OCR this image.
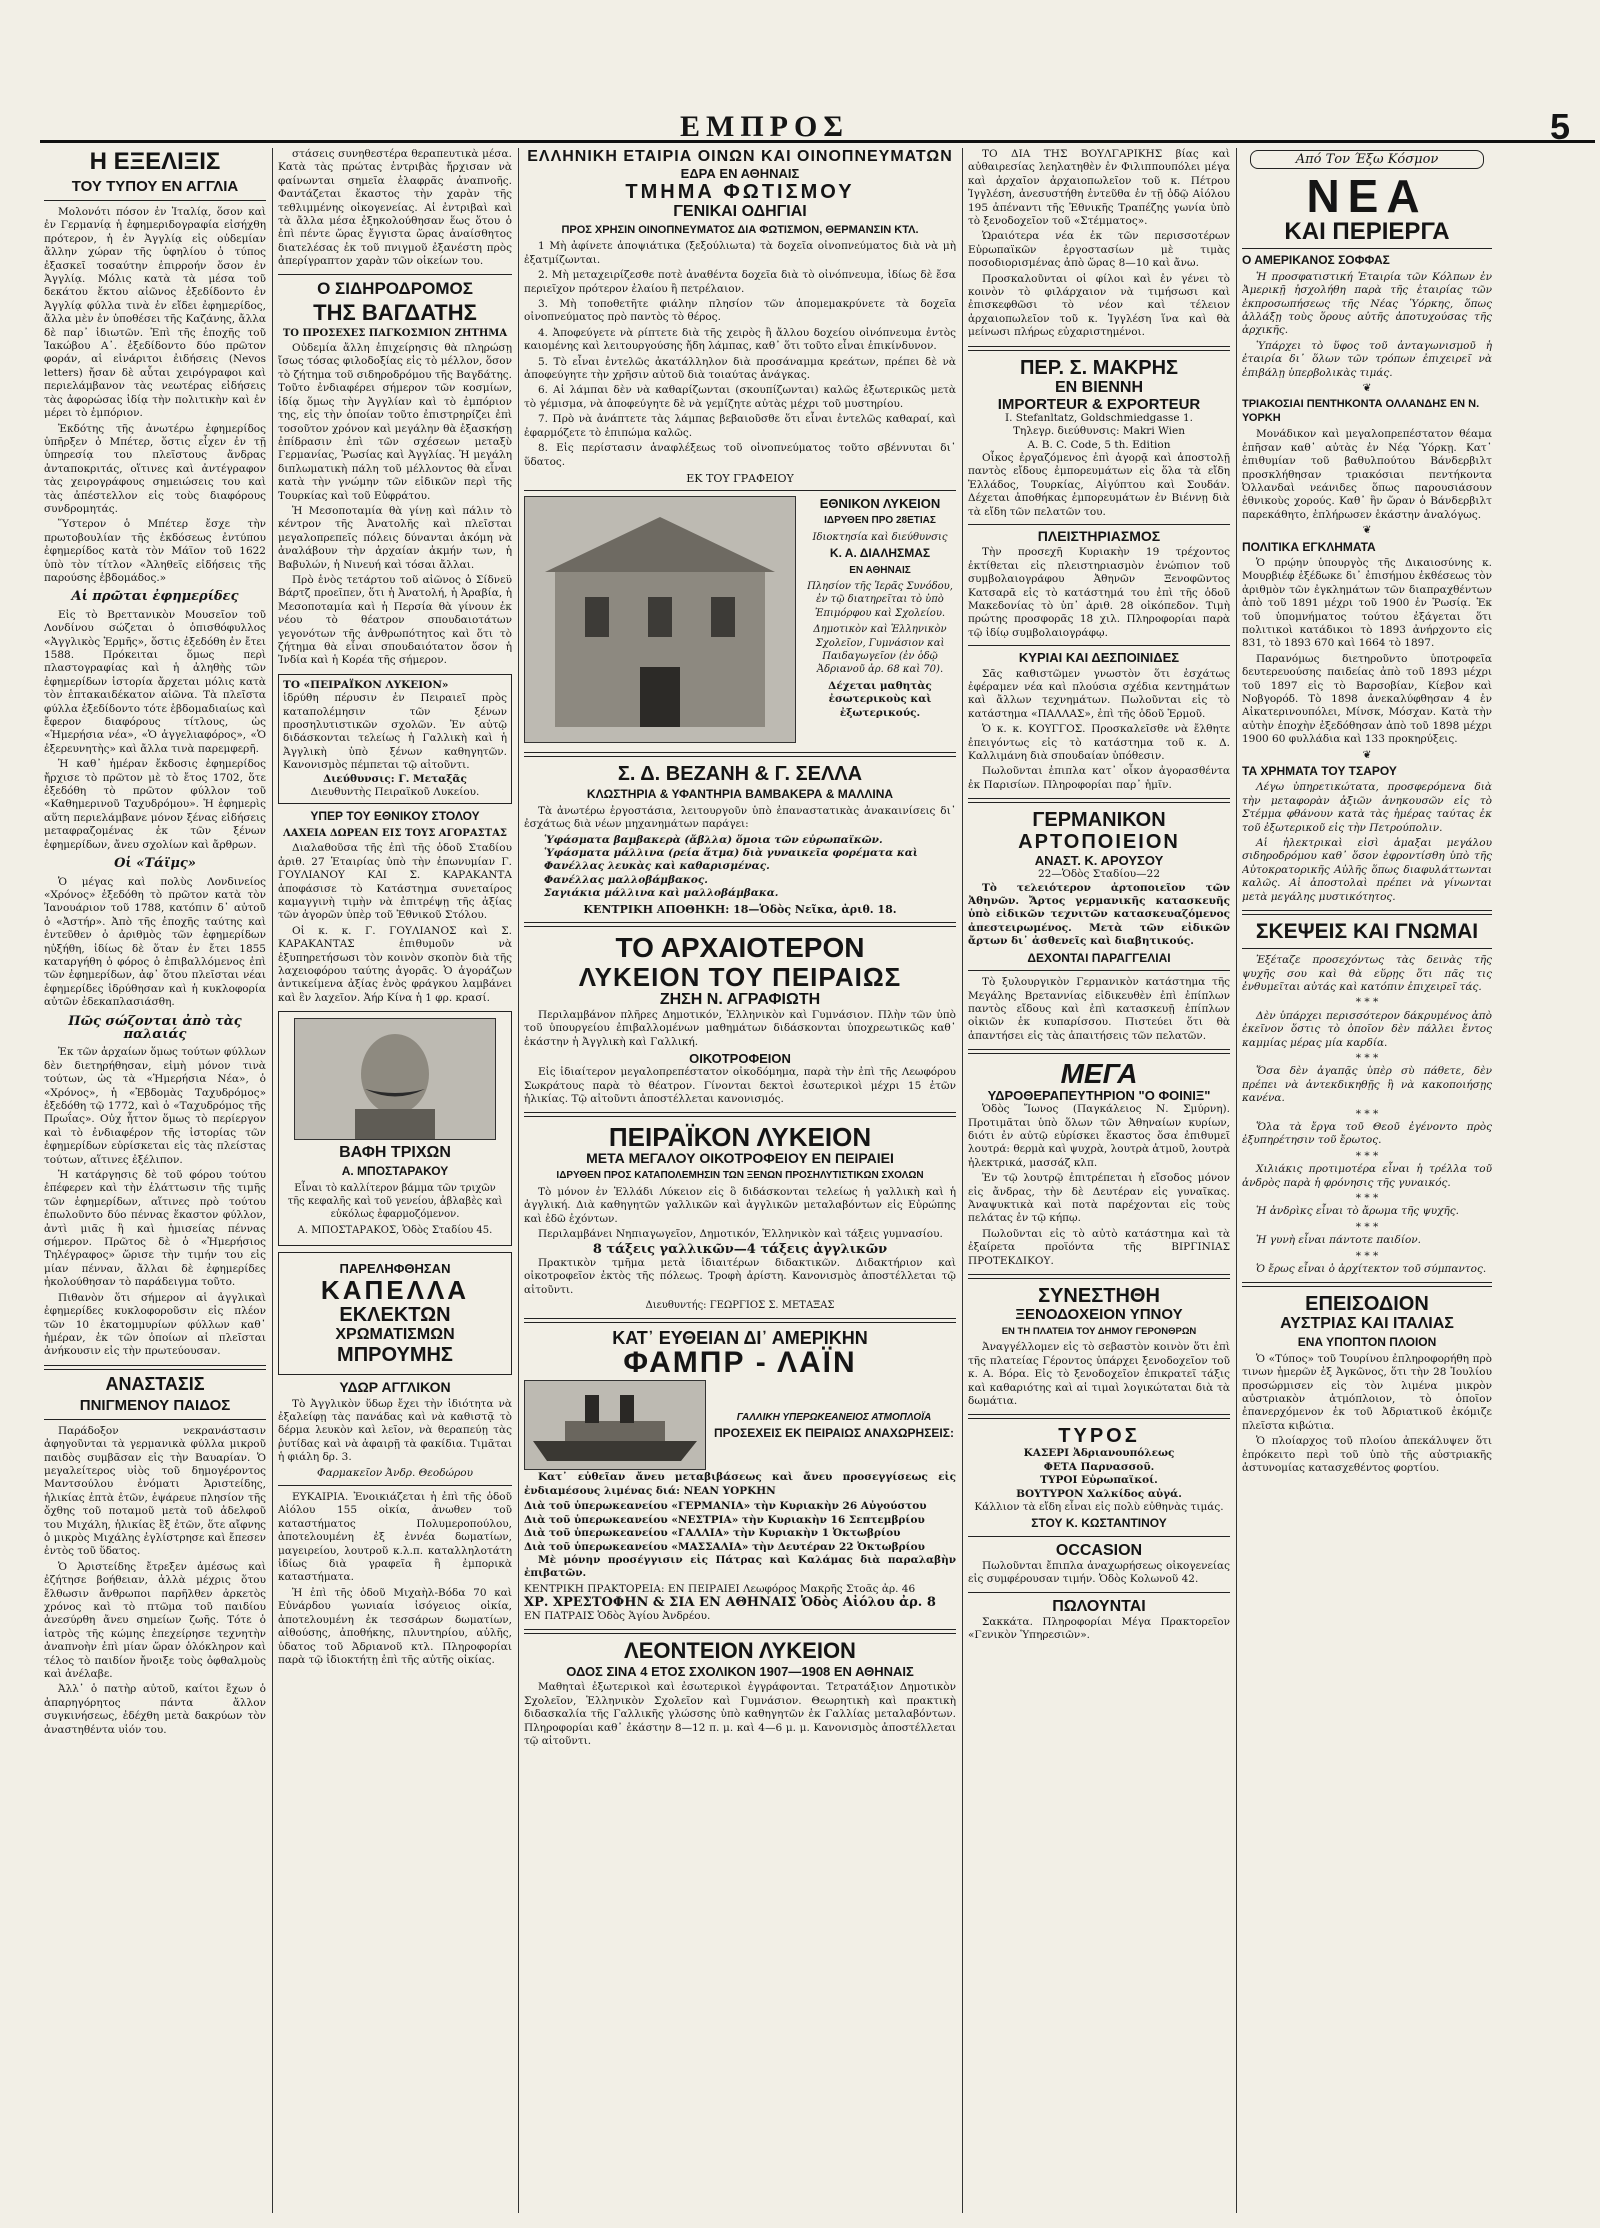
ΕΜΠΡΟΣ	5
Η ΕΞΕΛΙΞΙΣ
ΤΟΥ ΤΥΠΟΥ ΕΝ ΑΓΓΛΙΑ

Μολονότι πόσον ἐν Ἰταλίᾳ, ὅσον καὶ ἐν Γερμανίᾳ ἡ ἐφημεριδογραφία εἰσήχθη πρότερον, ἡ ἐν Ἀγγλίᾳ εἰς οὐδεμίαν ἄλλην χώραν τῆς ὑφηλίου ὁ τύπος ἐξασκεῖ τοσαύτην ἐπιρροήν ὅσον ἐν Ἀγγλίᾳ. Μόλις κατὰ τὰ μέσα τοῦ δεκάτου ἕκτου αἰῶνος ἐξεδίδοντο ἐν Ἀγγλίᾳ φύλλα τινὰ ἐν εἴδει ἐφημερίδος, ἄλλα μὲν ἐν ὑποθέσει τῆς Καζάνης, ἄλλα δὲ παρ᾽ ἰδιωτῶν. Ἐπὶ τῆς ἐποχῆς τοῦ Ἰακώβου Α᾽. ἐξεδίδοντο δύο πρῶτον φοράν, αἱ εἰνάριτοι ἐιδήσεις (Nevos letters) ἤσαν δὲ αὗται χειρόγραφοι καὶ περιελάμβανον τὰς νεωτέρας εἰδήσεις τὰς ἀφορώσας ἰδίᾳ τὴν πολιτικὴν καὶ ἐν μέρει τὸ ἐμπόριον.

Ἐκδότης τῆς ἀνωτέρω ἐφημερίδος ὑπῆρξεν ὁ Μπέτερ, ὅστις εἶχεν ἐν τῇ ὑπηρεσίᾳ του πλεῖστους ἄνδρας ἀνταποκριτάς, οἵτινες καὶ ἀντέγραφον τὰς χειρογράφους σημειώσεις του καὶ τὰς ἀπέστελλον εἰς τοὺς διαφόρους συνδρομητάς.

Ὕστερον ὁ Μπέτερ ἔσχε τὴν πρωτοβουλίαν τῆς ἐκδόσεως ἐντύπου ἐφημερίδος κατὰ τὸν Μάϊον τοῦ 1622 ὑπὸ τὸν τίτλον «Ἀληθεῖς εἰδήσεις τῆς παρούσης ἑβδομάδος.»

Αἱ πρῶται ἐφημερίδες

Εἰς τὸ Βρεττανικὸν Μουσεῖον τοῦ Λονδίνου σώζεται ὁ ὁπισθόφυλλος «Ἀγγλικὸς Ἑρμῆς», ὅστις ἐξεδόθη ἐν ἔτει 1588. Πρόκειται ὅμως περὶ πλαστογραφίας καὶ ἡ ἀληθὴς τῶν ἐφημερίδων ἱστορία ἄρχεται μόλις κατὰ τὸν ἑπτακαιδέκατον αἰῶνα. Τὰ πλεῖστα φύλλα ἐξεδίδοντο τότε ἑβδομαδιαίως καὶ ἔφερον διαφόρους τίτλους, ὡς «Ἡμερήσια νέα», «Ὁ ἀγγελιαφόρος», «Ὁ ἐξερευνητὴς» καὶ ἄλλα τινὰ παρεμφερῆ.

Ἡ καθ᾽ ἡμέραν ἔκδοσις ἐφημερίδος ἤρχισε τὸ πρῶτον μὲ τὸ ἔτος 1702, ὅτε ἐξεδόθη τὸ πρῶτον φύλλον τοῦ «Καθημερινοῦ Ταχυδρόμου». Ἡ ἐφημερὶς αὕτη περιελάμβανε μόνον ξένας εἰδήσεις μεταφραζομένας ἐκ τῶν ξένων ἐφημερίδων, ἄνευ σχολίων καὶ ἄρθρων.

Οἱ «Τάϊμς»

Ὁ μέγας καὶ πολὺς Λονδινείος «Χρόνος» ἐξεδόθη τὸ πρῶτον κατὰ τὸν Ἰανουάριον τοῦ 1788, κατόπιν δ᾽ αὐτοῦ ὁ «Ἀστήρ». Ἀπὸ τῆς ἐποχῆς ταύτης καὶ ἐντεῦθεν ὁ ἀριθμὸς τῶν ἐφημερίδων ηὐξήθη, ἰδίως δὲ ὅταν ἐν ἔτει 1855 καταργήθη ὁ φόρος ὁ ἐπιβαλλόμενος ἐπὶ τῶν ἐφημερίδων, ἀφ᾽ ὅτου πλεῖσται νέαι ἐφημερίδες ἱδρύθησαν καὶ ἡ κυκλοφορία αὐτῶν ἐδεκαπλασιάσθη.

Πῶς σώζονται ἀπὸ τὰς παλαιάς

Ἐκ τῶν ἀρχαίων ὅμως τούτων φύλλων δὲν διετηρήθησαν, εἰμὴ μόνον τινὰ τούτων, ὡς τὰ «Ἡμερήσια Νέα», ὁ «Χρόνος», ἡ «Ἐβδομὰς Ταχυδρόμος» ἐξεδόθη τῷ 1772, καὶ ὁ «Ταχυδρόμος τῆς Πρωΐας». Οὐχ ἦττον ὅμως τὸ περίεργον καὶ τὸ ἐνδιαφέρον τῆς ἱστορίας τῶν ἐφημερίδων εὑρίσκεται εἰς τὰς πλείστας τούτων, αἵτινες ἐξέλιπον.

Ἡ κατάργησις δὲ τοῦ φόρου τούτου ἐπέφερεν καὶ τὴν ἐλάττωσιν τῆς τιμῆς τῶν ἐφημερίδων, αἵτινες πρὸ τούτου ἐπωλοῦντο δύο πέννας ἕκαστον φύλλον, ἀντὶ μιᾶς ἢ καὶ ἡμισείας πέννας σήμερον. Πρῶτος δὲ ὁ «Ἡμερήσιος Τηλέγραφος» ὥρισε τὴν τιμήν του εἰς μίαν πένναν, ἄλλαι δὲ ἐφημερίδες ἠκολούθησαν τὸ παράδειγμα τοῦτο.

Πιθανὸν ὅτι σήμερον αἱ ἀγγλικαὶ ἐφημερίδες κυκλοφοροῦσιν εἰς πλέον τῶν 10 ἑκατομμυρίων φύλλων καθ᾽ ἡμέραν, ἐκ τῶν ὁποίων αἱ πλεῖσται ἀνήκουσιν εἰς τὴν πρωτεύουσαν.

ΑΝΑΣΤΑΣΙΣ
ΠΝΙΓΜΕΝΟΥ ΠΑΙΔΟΣ

Παράδοξον νεκρανάστασιν ἀφηγοῦνται τὰ γερμανικὰ φύλλα μικροῦ παιδὸς συμβᾶσαν εἰς τὴν Βαυαρίαν. Ὁ μεγαλείτερος υἱὸς τοῦ δημογέροντος Μαντσούλου ἐνόματι Ἀριστείδης, ἡλικίας ἐπτὰ ἐτῶν, ἐψάρευε πλησίον τῆς ὄχθης τοῦ ποταμοῦ μετὰ τοῦ ἀδελφοῦ του Μιχάλη, ἡλικίας ἓξ ἐτῶν, ὅτε αἴφνης ὁ μικρὸς Μιχάλης ἐγλίστρησε καὶ ἔπεσεν ἐντὸς τοῦ ὕδατος.

Ὁ Ἀριστείδης ἔτρεξεν ἀμέσως καὶ ἐζήτησε βοήθειαν, ἀλλὰ μέχρις ὅτου ἔλθωσιν ἄνθρωποι παρῆλθεν ἀρκετὸς χρόνος καὶ τὸ πτῶμα τοῦ παιδίου ἀνεσύρθη ἄνευ σημείων ζωῆς. Τότε ὁ ἰατρὸς τῆς κώμης ἐπεχείρησε τεχνητὴν ἀναπνοὴν ἐπὶ μίαν ὥραν ὁλόκληρον καὶ τέλος τὸ παιδίον ἤνοιξε τοὺς ὀφθαλμοὺς καὶ ἀνέλαβε.

Ἀλλ᾽ ὁ πατὴρ αὐτοῦ, καίτοι ἔχων ὁ ἀπαρηγόρητος πάντα ἄλλον συγκινήσεως, ἐδέχθη μετὰ δακρύων τὸν ἀναστηθέντα υἱόν του.

στάσεις συνηθεστέρα θεραπευτικὰ μέσα. Κατὰ τὰς πρώτας ἐντριβὰς ἤρχισαν νὰ φαίνωνται σημεῖα ἐλαφρᾶς ἀναπνοῆς. Φαντάζεται ἕκαστος τὴν χαρὰν τῆς τεθλιμμένης οἰκογενείας. Αἱ ἐντριβαὶ καὶ τὰ ἄλλα μέσα ἐξηκολούθησαν ἕως ὅτου ὁ ἐπὶ πέντε ὥρας ἔγγιστα ὥρας ἀναίσθητος διατελέσας ἐκ τοῦ πνιγμοῦ ἐξανέστη πρὸς ἀπερίγραπτον χαρὰν τῶν οἰκείων του.

Ο ΣΙΔΗΡΟΔΡΟΜΟΣ
ΤΗΣ ΒΑΓΔΑΤΗΣ
ΤΟ ΠΡΟΣΕΧΕΣ ΠΑΓΚΟΣΜΙΟΝ ΖΗΤΗΜΑ

Οὐδεμία ἄλλη ἐπιχείρησις θὰ πληρώσῃ ἴσως τόσας φιλοδοξίας εἰς τὸ μέλλον, ὅσον τὸ ζήτημα τοῦ σιδηροδρόμου τῆς Βαγδάτης. Τοῦτο ἐνδιαφέρει σήμερον τῶν κοσμίων, ἰδίᾳ ὅμως τὴν Ἀγγλίαν καὶ τὸ ἐμπόριον της, εἰς τὴν ὁποίαν τοῦτο ἐπιστρηρίζει ἐπὶ τοσοῦτον χρόνον καὶ μεγάλην θὰ ἐξασκήσῃ ἐπίδρασιν ἐπὶ τῶν σχέσεων μεταξὺ Γερμανίας, Ῥωσίας καὶ Ἀγγλίας. Ἡ μεγάλη διπλωματικὴ πάλη τοῦ μέλλοντος θὰ εἶναι κατὰ τὴν γνώμην τῶν εἰδικῶν περὶ τῆς Τουρκίας καὶ τοῦ Εὐφράτου.

Ἡ Μεσοποταμία θὰ γίνῃ καὶ πάλιν τὸ κέντρον τῆς Ἀνατολῆς καὶ πλεῖσται μεγαλοπρεπεῖς πόλεις δύνανται ἀκόμη νὰ ἀναλάβουν τὴν ἀρχαίαν ἀκμήν των, ἡ Βαβυλών, ἡ Νινευή καὶ τόσαι ἄλλαι.

Πρὸ ἑνὸς τετάρτου τοῦ αἰῶνος ὁ Σίδνεϋ Βάρτζ προεῖπεν, ὅτι ἡ Ἀνατολή, ἡ Ἀραβία, ἡ Μεσοποταμία καὶ ἡ Περσία θὰ γίνουν ἐκ νέου τὸ θέατρον σπουδαιοτάτων γεγονότων τῆς ἀνθρωπότητος καὶ ὅτι τὸ ζήτημα θὰ εἶναι σπουδαιότατον ὅσον ἡ Ἰνδία καὶ ἡ Κορέα τῆς σήμερον.

ΤΟ «ΠΕΙΡΑΪΚΟΝ ΛΥΚΕΙΟΝ»
ἱδρύθη πέρυσιν ἐν Πειραιεῖ πρὸς καταπολέμησιν τῶν ξένων προσηλυτιστικῶν σχολῶν. Ἐν αὐτῷ διδάσκονται τελείως ἡ Γαλλικὴ καὶ ἡ Ἀγγλικὴ ὑπὸ ξένων καθηγητῶν. Κανονισμὸς πέμπεται τῷ αἰτοῦντι.
Διεύθυνσις: Γ. Μεταξᾶς
Διευθυντὴς Πειραϊκοῦ Λυκείου.
ΥΠΕΡ ΤΟΥ ΕΘΝΙΚΟΥ ΣΤΟΛΟΥ
ΛΑΧΕΙΑ ΔΩΡΕΑΝ ΕΙΣ ΤΟΥΣ ΑΓΟΡΑΣΤΑΣ

Διαλαθοῦσα τῆς ἐπὶ τῆς ὁδοῦ Σταδίου ἀριθ. 27 Ἑταιρίας ὑπὸ τὴν ἐπωνυμίαν Γ. ΓΟΥΛΙΑΝΟΥ ΚΑΙ Σ. ΚΑΡΑΚΑΝΤΑ ἀποφάσισε τὸ Κατάστημα συνεταίρος καμαγγινὴ τιμὴν νὰ ἐπιτρέψῃ τῆς ἀξίας τῶν ἀγορῶν ὑπὲρ τοῦ Ἐθνικοῦ Στόλου.

Οἱ κ. κ. Γ. ΓΟΥΛΙΑΝΟΣ καὶ Σ. ΚΑΡΑΚΑΝΤΑΣ ἐπιθυμοῦν νὰ ἐξυπηρετήσωσι τὸν κοινὸν σκοπὸν διὰ τῆς λαχειοφόρου ταύτης ἀγορᾶς. Ὁ ἀγοράζων ἀντικείμενα ἀξίας ἑνὸς φράγκου λαμβάνει καὶ ἓν λαχεῖον. Ἀήρ Κίνα ἡ 1 φρ. κρασί.

ΒΑΦΗ ΤΡΙΧΩΝ
Α. ΜΠΟΣΤΑΡΑΚΟΥ
Εἶναι τὸ καλλίτερον βάμμα τῶν τριχῶν τῆς κεφαλῆς καὶ τοῦ γενείου, ἀβλαβὲς καὶ εὐκόλως ἐφαρμοζόμενον.
Α. ΜΠΟΣΤΑΡΑΚΟΣ, Ὁδὸς Σταδίου 45.
ΠΑΡΕΛΗΦΘΗΣΑΝ
ΚΑΠΕΛΛΑ
ΕΚΛΕΚΤΩΝ
ΧΡΩΜΑΤΙΣΜΩΝ
ΜΠΡΟΥΜΗΣ
ΥΔΩΡ ΑΓΓΛΙΚΟΝ

Τὸ Ἀγγλικὸν ὕδωρ ἔχει τὴν ἰδιότητα νὰ ἐξαλείφῃ τὰς πανάδας καὶ νὰ καθιστᾷ τὸ δέρμα λευκὸν καὶ λεῖον, νὰ θεραπεύῃ τὰς ῥυτίδας καὶ νὰ ἀφαιρῇ τὰ φακίδια. Τιμᾶται ἡ φιάλη δρ. 3.

Φαρμακεῖον Ἀνδρ. Θεοδώρου

ΕΥΚΑΙΡΙΑ. Ἐνοικιάζεται ἡ ἐπὶ τῆς ὁδοῦ Αἰόλου 155 οἰκία, ἀνωθεν τοῦ καταστήματος Πολυμεροπούλου, ἀποτελουμένη ἐξ ἐννέα δωματίων, μαγειρείου, λουτροῦ κ.λ.π. καταλληλοτάτη ἰδίως διὰ γραφεῖα ἢ ἐμπορικὰ καταστήματα.

Ἡ ἐπὶ τῆς ὁδοῦ Μιχαὴλ-Βόδα 70 καὶ Εὐνάρδου γωνιαία ἰσόγειος οἰκία, ἀποτελουμένη ἐκ τεσσάρων δωματίων, αἰθούσης, ἀποθήκης, πλυντηρίου, αὐλῆς, ὑδατος τοῦ Ἀδριανοῦ κτλ. Πληροφορίαι παρὰ τῷ ἰδιοκτήτῃ ἐπὶ τῆς αὐτῆς οἰκίας.

ΕΛΛΗΝΙΚΗ ΕΤΑΙΡΙΑ ΟΙΝΩΝ ΚΑΙ ΟΙΝΟΠΝΕΥΜΑΤΩΝ
ΕΔΡΑ ΕΝ ΑΘΗΝΑΙΣ
ΤΜΗΜΑ ΦΩΤΙΣΜΟΥ
ΓΕΝΙΚΑΙ ΟΔΗΓΙΑΙ
ΠΡΟΣ ΧΡΗΣΙΝ ΟΙΝΟΠΝΕΥΜΑΤΟΣ ΔΙΑ ΦΩΤΙΣΜΟΝ, ΘΕΡΜΑΝΣΙΝ ΚΤΛ.

1 Μὴ ἀφίνετε ἀποψιάτικα (ξεξούλιωτα) τὰ δοχεῖα οἰνοπνεύματος διὰ νὰ μὴ ἐξατμίζωνται.

2. Μὴ μεταχειρίζεσθε ποτὲ ἀναθέντα δοχεῖα διὰ τὸ οἰνόπνευμα, ἰδίως δὲ ἔσα περιεῖχον πρότερον ἐλαίου ἢ πετρέλαιον.

3. Μὴ τοποθετῆτε φιάλην πλησίον τῶν ἀπομεμακρύνετε τὰ δοχεῖα οἰνοπνεύματος πρὸ παντὸς τὸ θέρος.

4. Ἀποφεύγετε νὰ ρίπτετε διὰ τῆς χειρὸς ἢ ἄλλου δοχείου οἰνόπνευμα ἐντὸς καιομένης καὶ λειτουργούσης ἤδη λάμπας, καθ᾽ ὅτι τοῦτο εἶναι ἐπικίνδυνον.

5. Τὸ εἶναι ἐντελῶς ἀκατάλληλον διὰ προσάναμμα κρεάτων, πρέπει δὲ νὰ ἀποφεύγητε τὴν χρῆσιν αὐτοῦ διὰ τοιαύτας ἀνάγκας.

6. Αἱ λάμπαι δὲν νὰ καθαρίζωνται (σκουπίζωνται) καλῶς ἐξωτερικῶς μετὰ τὸ γέμισμα, νὰ ἀποφεύγητε δὲ νὰ γεμίζητε αὐτὰς μέχρι τοῦ μυστηρίου.

7. Πρὸ νὰ ἀνάπτετε τὰς λάμπας βεβαιοῦσθε ὅτι εἶναι ἐντελῶς καθαραί, καὶ ἐφαρμόζετε τὸ ἐπιπώμα καλῶς.

8. Εἰς περίστασιν ἀναφλέξεως τοῦ οἰνοπνεύματος τοῦτο σβέννυται δι᾽ ὕδατος.

ΕΚ ΤΟΥ ΓΡΑΦΕΙΟΥ
ΕΘΝΙΚΟΝ ΛΥΚΕΙΟΝ
ΙΔΡΥΘΕΝ ΠΡΟ 28ΕΤΙΑΣ
Ιδιοκτησία καὶ διεύθυνσις
Κ. Α. ΔΙΑΛΗΣΜΑΣ
ΕΝ ΑΘΗΝΑΙΣ
Πλησίον τῆς Ἱερᾶς Συνόδου, ἐν τῷ διατηρεῖται τὸ ὑπὸ Ἐπιμόρφου καὶ Σχολείου.
Δημοτικὸν καὶ Ἑλληνικὸν Σχολεῖον, Γυμνάσιον καὶ Παιδαγωγεῖον (ἐν ὁδῷ Ἀδριανοῦ ἀρ. 68 καὶ 70).
Δέχεται μαθητὰς ἐσωτερικοὺς καὶ ἐξωτερικούς.
Σ. Δ. ΒΕΖΑΝΗ & Γ. ΣΕΛΛΑ
ΚΛΩΣΤΗΡΙΑ & ΥΦΑΝΤΗΡΙΑ ΒΑΜΒΑΚΕΡΑ & ΜΑΛΛΙΝΑ

Τὰ ἀνωτέρω ἐργοστάσια, λειτουργοῦν ὑπὸ ἐπαναστατικὰς ἀνακαινίσεις δι᾽ ἐσχάτως διὰ νέων μηχανημάτων παράγει:

Ὑφάσματα βαμβακερὰ (ἄβλλα) ὅμοια τῶν εὐρωπαϊκῶν.
Ὑφάσματα μάλλινα (ρεία ἄτμα) διὰ γυναικεῖα φορέματα καὶ
Φανέλλας λευκὰς καὶ καθαρισμένας.
Φανέλλας μαλλοβάμβακος.
Σαγιάκια μάλλινα καὶ μαλλοβάμβακα.
ΚΕΝΤΡΙΚΗ ΑΠΟΘΗΚΗ: 18—Ὁδὸς Νεῖκα, ἀριθ. 18.
ΤΟ ΑΡΧΑΙΟΤΕΡΟΝ
ΛΥΚΕΙΟΝ ΤΟΥ ΠΕΙΡΑΙΩΣ
ΖΗΣΗ Ν. ΑΓΡΑΦΙΩΤΗ

Περιλαμβάνον πλῆρες Δημοτικόν, Ἑλληνικὸν καὶ Γυμνάσιον. Πλὴν τῶν ὑπὸ τοῦ ὑπουργείου ἐπιβαλλομένων μαθημάτων διδάσκονται ὑποχρεωτικῶς καθ᾽ ἑκάστην ἡ Ἀγγλικὴ καὶ Γαλλική.

ΟΙΚΟΤΡΟΦΕΙΟΝ

Εἰς ἰδιαίτερον μεγαλοπρεπέστατον οἰκοδόμημα, παρὰ τὴν ἐπὶ τῆς Λεωφόρου Σωκράτους παρὰ τὸ θέατρον. Γίνονται δεκτοὶ ἐσωτερικοὶ μέχρι 15 ἐτῶν ἡλικίας. Τῷ αἰτοῦντι ἀποστέλλεται κανονισμός.

ΠΕΙΡΑΪΚΟΝ ΛΥΚΕΙΟΝ
ΜΕΤΑ ΜΕΓΑΛΟΥ ΟΙΚΟΤΡΟΦΕΙΟΥ ΕΝ ΠΕΙΡΑΙΕΙ
ΙΔΡΥΘΕΝ ΠΡΟΣ ΚΑΤΑΠΟΛΕΜΗΣΙΝ ΤΩΝ ΞΕΝΩΝ ΠΡΟΣΗΛΥΤΙΣΤΙΚΩΝ ΣΧΟΛΩΝ

Τὸ μόνον ἐν Ἑλλάδι Λύκειον εἰς ὃ διδάσκονται τελείως ἡ γαλλικὴ καὶ ἡ ἀγγλική. Διὰ καθηγητῶν γαλλικῶν καὶ ἀγγλικῶν μεταλαβόντων εἰς Εὐρώπης καὶ ἐδῶ ἐχόντων.

Περιλαμβάνει Νηπιαγωγεῖον, Δημοτικόν, Ἑλληνικὸν καὶ τάξεις γυμνασίου.

8 τάξεις γαλλικῶν—4 τάξεις ἀγγλικῶν

Πρακτικὸν τμῆμα μετὰ ἰδιαιτέρων διδακτικῶν. Διδακτήριον καὶ οἰκοτροφεῖον ἐκτὸς τῆς πόλεως. Τροφὴ ἀρίστη. Κανονισμὸς ἀποστέλλεται τῷ αἰτοῦντι.

Διευθυντής: ΓΕΩΡΓΙΟΣ Σ. ΜΕΤΑΞΑΣ
ΚΑΤ᾽ ΕΥΘΕΙΑΝ ΔΙ᾽ ΑΜΕΡΙΚΗΝ
ΦΑΜΠΡ - ΛΑΪΝ
ΓΑΛΛΙΚΗ ΥΠΕΡΩΚΕΑΝΕΙΟΣ ΑΤΜΟΠΛΟΪΑ
ΠΡΟΣΕΧΕΙΣ ΕΚ ΠΕΙΡΑΙΩΣ ΑΝΑΧΩΡΗΣΕΙΣ:

Κατ᾽ εὐθεῖαν ἄνευ μεταβιβάσεως καὶ ἄνευ προσεγγίσεως εἰς ἐνδιαμέσους λιμένας διά: ΝΕΑΝ ΥΟΡΚΗΝ

Διὰ τοῦ ὑπερωκεανείου «ΓΕΡΜΑΝΙΑ» τὴν Κυριακὴν 26 Αὐγούστου
Διὰ τοῦ ὑπερωκεανείου «ΝΕΣΤΡΙΑ» τὴν Κυριακὴν 16 Σεπτεμβρίου
Διὰ τοῦ ὑπερωκεανείου «ΓΑΛΛΙΑ» τὴν Κυριακὴν 1 Ὀκτωβρίου
Διὰ τοῦ ὑπερωκεανείου «ΜΑΣΣΑΛΙΑ» τὴν Δευτέραν 22 Ὀκτωβρίου

Μὲ μόνην προσέγγισιν εἰς Πάτρας καὶ Καλάμας διὰ παραλαβὴν ἐπιβατῶν.

ΚΕΝΤΡΙΚΗ ΠΡΑΚΤΟΡΕΙΑ: ΕΝ ΠΕΙΡΑΙΕΙ Λεωφόρος Μακρῆς Στοᾶς ἀρ. 46
ΧΡ. ΧΡΕΣΤΟΦΗΝ & ΣΙΑ ΕΝ ΑΘΗΝΑΙΣ Ὁδὸς Αἰόλου ἀρ. 8
ΕΝ ΠΑΤΡΑΙΣ Ὁδὸς Ἁγίου Ἀνδρέου.
ΛΕΟΝΤΕΙΟΝ ΛΥΚΕΙΟΝ
ΟΔΟΣ ΣΙΝΑ 4 ΕΤΟΣ ΣΧΟΛΙΚΟΝ 1907—1908 ΕΝ ΑΘΗΝΑΙΣ

Μαθηταὶ ἐξωτερικοὶ καὶ ἐσωτερικοὶ ἐγγράφονται. Τετρατάξιον Δημοτικὸν Σχολεῖον, Ἑλληνικὸν Σχολεῖον καὶ Γυμνάσιον. Θεωρητικὴ καὶ πρακτικὴ διδασκαλία τῆς Γαλλικῆς γλώσσης ὑπὸ καθηγητῶν ἐκ Γαλλίας μεταλαβόντων. Πληροφορίαι καθ᾽ ἑκάστην 8—12 π. μ. καὶ 4—6 μ. μ. Κανονισμὸς ἀποστέλλεται τῷ αἰτοῦντι.

ΤΟ ΔΙΑ ΤΗΣ ΒΟΥΛΓΑΡΙΚΗΣ βίας καὶ αὐθαιρεσίας λεηλατηθὲν ἐν Φιλιππουπόλει μέγα καὶ ἀρχαῖον ἀρχαιοπωλεῖον τοῦ κ. Πέτρου Ἰγγλέση, ἀνεσυστήθη ἐντεῦθα ἐν τῇ ὁδῷ Αἰόλου 195 ἀπέναντι τῆς Ἐθνικῆς Τραπέζης γωνία ὑπὸ τὸ ξενοδοχεῖον τοῦ «Στέμματος».

Ὡραιότερα νέα ἐκ τῶν περισσοτέρων Εὐρωπαϊκῶν ἐργοστασίων μὲ τιμὰς ποσοδιορισμένας ἀπὸ ὥρας 8—10 καὶ ἄνω.

Προσκαλοῦνται οἱ φίλοι καὶ ἐν γένει τὸ κοινὸν τὸ φιλάρχαιον νὰ τιμήσωσι καὶ ἐπισκεφθῶσι τὸ νέον καὶ τέλειον ἀρχαιοπωλεῖον τοῦ κ. Ἰγγλέση ἵνα καὶ θὰ μείνωσι πλήρως εὐχαριστημένοι.

ΠΕΡ. Σ. ΜΑΚΡΗΣ
ΕΝ ΒΙΕΝΝΗ
IMPORTEUR & EXPORTEUR
I. Stefanltatz, Goldschmiedgasse 1.
Τηλεγρ. διεύθυνσις: Makri Wien
A. B. C. Code, 5 th. Edition

Οἶκος ἐργαζόμενος ἐπὶ ἀγορᾷ καὶ ἀποστολῇ παντὸς εἴδους ἐμπορευμάτων εἰς ὅλα τὰ εἴδη Ἑλλάδος, Τουρκίας, Αἰγύπτου καὶ Σουδάν. Δέχεται ἀποθήκας ἐμπορευμάτων ἐν Βιέννῃ διὰ τὰ εἴδη τῶν πελατῶν του.

ΠΛΕΙΣΤΗΡΙΑΣΜΟΣ

Τὴν προσεχῆ Κυριακὴν 19 τρέχοντος ἐκτίθεται εἰς πλειστηριασμὸν ἐνώπιον τοῦ συμβολαιογράφου Ἀθηνῶν Ξενοφῶντος Κατσαρᾶ εἰς τὸ κατάστημά του ἐπὶ τῆς ὁδοῦ Μακεδονίας τὸ ὑπ᾽ ἀριθ. 28 οἰκόπεδον. Τιμὴ πρώτης προσφορᾶς 18 χιλ. Πληροφορίαι παρὰ τῷ ἰδίῳ συμβολαιογράφῳ.

ΚΥΡΙΑΙ ΚΑΙ ΔΕΣΠΟΙΝΙΔΕΣ

Σᾶς καθιστῶμεν γνωστὸν ὅτι ἐσχάτως ἐφέραμεν νέα καὶ πλούσια σχέδια κεντημάτων καὶ ἄλλων τεχνημάτων. Πωλοῦνται εἰς τὸ κατάστημα «ΠΑΛΛΑΣ», ἐπὶ τῆς ὁδοῦ Ἑρμοῦ.

Ὁ κ. κ. ΚΟΥΓΓΟΣ. Προσκαλεῖσθε νὰ ἔλθητε ἐπειγόντως εἰς τὸ κατάστημα τοῦ κ. Δ. Καλλιμάνη διὰ σπουδαίαν ὑπόθεσιν.

Πωλοῦνται ἐπιπλα κατ᾽ οἶκον ἀγορασθέντα ἐκ Παρισίων. Πληροφορίαι παρ᾽ ἡμῖν.

ΓΕΡΜΑΝΙΚΟΝ
ΑΡΤΟΠΟΙΕΙΟΝ
ΑΝΑΣΤ. Κ. ΑΡΟΥΣΟΥ
22—Ὁδὸς Σταδίου—22

Τὸ τελειότερον ἀρτοποιεῖον τῶν Ἀθηνῶν. Ἄρτος γερμανικῆς κατασκευῆς ὑπὸ εἰδικῶν τεχνιτῶν κατασκευαζόμενος ἀπεστειρωμένος. Μετὰ τῶν εἰδικῶν ἄρτων δι᾽ ἀσθενεῖς καὶ διαβητικούς.

ΔΕΧΟΝΤΑΙ ΠΑΡΑΓΓΕΛΙΑΙ

Τὸ ξυλουργικὸν Γερμανικὸν κατάστημα τῆς Μεγάλης Βρεταννίας εἰδικευθὲν ἐπὶ ἐπίπλων παντὸς εἴδους καὶ ἐπὶ κατασκευῇ ἐπίπλων οἰκιῶν ἐκ κυπαρίσσου. Πιστεύει ὅτι θὰ ἀπαντήσει εἰς τὰς ἀπαιτήσεις τῶν πελατῶν.

ΜΕΓΑ
ΥΔΡΟΘΕΡΑΠΕΥΤΗΡΙΟΝ "Ο ΦΟΙΝΙΞ"

Ὁδὸς Ἴωνος (Παγκάλειος Ν. Σμύρνη). Προτιμᾶται ὑπὸ ὅλων τῶν Ἀθηναίων κυρίων, διότι ἐν αὐτῷ εὑρίσκει ἕκαστος ὅσα ἐπιθυμεῖ λουτρά: θερμὰ καὶ ψυχρὰ, λουτρὰ ἀτμοῦ, λουτρὰ ἠλεκτρικά, μασσάζ κλπ.

Ἐν τῷ λουτρῷ ἐπιτρέπεται ἡ εἴσοδος μόνον εἰς ἄνδρας, τὴν δὲ Δευτέραν εἰς γυναῖκας. Ἀναψυκτικὰ καὶ ποτὰ παρέχονται εἰς τοὺς πελάτας ἐν τῷ κήπῳ.

Πωλοῦνται εἰς τὸ αὐτὸ κατάστημα καὶ τὰ ἐξαίρετα προϊόντα τῆς ΒΙΡΓΙΝΙΑΣ ΠΡΟΤΕΚΔΙΚΟΥ.

ΣΥΝΕΣΤΗΘΗ
ΞΕΝΟΔΟΧΕΙΟΝ ΥΠΝΟΥ
ΕΝ ΤΗ ΠΛΑΤΕΙΑ ΤΟΥ ΔΗΜΟΥ ΓΕΡΟΝΘΡΩΝ

Ἀναγγέλλομεν εἰς τὸ σεβαστὸν κοινὸν ὅτι ἐπὶ τῆς πλατείας Γέροντος ὑπάρχει ξενοδοχεῖον τοῦ κ. Α. Βόρα. Εἰς τὸ ξενοδοχεῖον ἐπικρατεῖ τάξις καὶ καθαριότης καὶ αἱ τιμαὶ λογικώταται διὰ τὰ δωμάτια.

ΤΥΡΟΣ
ΚΑΣΕΡΙ Ἀδριανουπόλεως
ΦΕΤΑ Παρνασσοῦ.
ΤΥΡΟΙ Εὐρωπαϊκοί.
ΒΟΥΤΥΡΟΝ Χαλκίδος αὐγά.
Κάλλιον τὰ εἴδη εἶναι εἰς πολὺ εὐθηνὰς τιμάς.
ΣΤΟΥ Κ. ΚΩΣΤΑΝΤΙΝΟΥ
OCCASION

Πωλοῦνται ἔπιπλα ἀναχωρήσεως οἰκογενείας εἰς συμφέρουσαν τιμήν. Ὁδὸς Κολωνοῦ 42.

ΠΩΛΟΥΝΤΑΙ

Σακκάτα. Πληροφορίαι Μέγα Πρακτορεῖον «Γενικὸν Ὑπηρεσιῶν».

Από Τον Έξω Κόσμον
ΝΕΑ
ΚΑΙ ΠΕΡΙΕΡΓΑ
Ο ΑΜΕΡΙΚΑΝΟΣ ΣΟΦΦΑΣ

Ἡ προσφατιστική Ἑταιρία τῶν Κόλπων ἐν Ἀμερικῇ ἠσχολήθη παρὰ τῆς ἐταιρίας τῶν ἐκπροσωπήσεως τῆς Νέας Ὑόρκης, ὅπως ἀλλάξῃ τοὺς ὅρους αὐτῆς ἀποτυχούσας τῆς ἀρχικῆς.

Ὑπάρχει τὸ ὕφος τοῦ ἀνταγωνισμοῦ ἡ ἐταιρία δι᾽ ὅλων τῶν τρόπων ἐπιχειρεῖ νὰ ἐπιβάλῃ ὑπερβολικὰς τιμάς.

❦
ΤΡΙΑΚΟΣΙΑΙ ΠΕΝΤΗΚΟΝΤΑ ΟΛΛΑΝΔΗΣ ΕΝ Ν. ΥΟΡΚΗ

Μονάδικον καὶ μεγαλοπρεπέστατον θέαμα ἐπῆσαν καθ᾽ αὐτὰς ἐν Νέᾳ Ὑόρκῃ. Κατ᾽ ἐπιθυμίαν τοῦ βαθυλπούτου Βάνδερβιλτ προσκλήθησαν τριακόσιαι πεντήκοντα Ὀλλανδαὶ νεάνιδες ὅπως παρουσιάσουν ἐθνικοὺς χορούς. Καθ᾽ ἣν ὥραν ὁ Βάνδερβιλτ παρεκάθητο, ἐπλήρωσεν ἑκάστην ἀναλόγως.

❦
ΠΟΛΙΤΙΚΑ ΕΓΚΛΗΜΑΤΑ

Ὁ πρῴην ὑπουργὸς τῆς Δικαιοσύνης κ. Μουρβιέφ ἐξέδωκε δι᾽ ἐπισήμου ἐκθέσεως τὸν ἀριθμὸν τῶν ἐγκλημάτων τῶν διαπραχθέντων ἀπὸ τοῦ 1891 μέχρι τοῦ 1900 ἐν Ῥωσίᾳ. Ἐκ τοῦ ὑπομνήματος τούτου ἐξάγεται ὅτι πολιτικοὶ κατάδικοι τὸ 1893 ἀνήρχοντο εἰς 831, τὸ 1893 670 καὶ 1664 τὸ 1897.

Παρανόμως διετηροῦντο ὑποτροφεῖα δευτερευούσης παιδείας ἀπὸ τοῦ 1893 μέχρι τοῦ 1897 εἰς τὸ Βαρσοβίαν, Κίεβον καὶ Νοβγορόδ. Τὸ 1898 ἀνεκαλύφθησαν 4 ἐν Αἰκατερινουπόλει, Μίνσκ, Μόσχαν. Κατὰ τὴν αὐτὴν ἐποχὴν ἐξεδόθησαν ἀπὸ τοῦ 1898 μέχρι 1900 60 φυλλάδια καὶ 133 προκηρύξεις.

❦
ΤΑ ΧΡΗΜΑΤΑ ΤΟΥ ΤΣΑΡΟΥ

Λέγω ὑπηρετικώτατα, προσφερόμενα διὰ τὴν μεταφορὰν ἀξιῶν ἀνηκουσῶν εἰς τὸ Στέμμα φθάνουν κατὰ τὰς ἡμέρας ταύτας ἐκ τοῦ ἐξωτερικοῦ εἰς τὴν Πετρούπολιν.

Αἱ ἠλεκτρικαὶ εἰσὶ ἀμαξαι μεγάλου σιδηροδρόμου καθ᾽ ὅσον ἐφροντίσθη ὑπὸ τῆς Αὐτοκρατορικῆς Αὐλῆς ὅπως διαφυλάττωνται καλῶς. Αἱ ἀποστολαὶ πρέπει νὰ γίνωνται μετὰ μεγάλης μυστικότητος.

ΣΚΕΨΕΙΣ ΚΑΙ ΓΝΩΜΑΙ

Ἐξέταζε προσεχόντως τὰς δεινὰς τῆς ψυχῆς σου καὶ θὰ εὕρῃς ὅτι πᾶς τις ἐνθυμεῖται αὐτάς καὶ κατόπιν ἐπιχειρεῖ τάς.

* * *

Δὲν ὑπάρχει περισσότερον δάκρυμένος ἀπὸ ἐκεῖνον ὅστις τὸ ὁποῖον δὲν πάλλει ἔντος καμμίας μέρας μία καρδία.

* * *

Ὅσα δὲν ἀγαπᾷς ὑπὲρ σὺ πάθετε, δὲν πρέπει νὰ ἀντεκδικηθῇς ἢ νὰ κακοποιήσῃς κανένα.

* * *

Ὅλα τὰ ἔργα τοῦ Θεοῦ ἐγένοντο πρὸς ἐξυπηρέτησιν τοῦ ἔρωτος.

* * *

Χιλιάκις προτιμοτέρα εἶναι ἡ τρέλλα τοῦ ἀνδρὸς παρὰ ἡ φρόνησις τῆς γυναικός.

* * *

Ἡ ἀνδρὶκς εἶναι τὸ ἄρωμα τῆς ψυχῆς.

* * *

Ἡ γυνὴ εἶναι πάντοτε παιδίον.

* * *

Ὁ ἔρως εἶναι ὁ ἀρχίτεκτον τοῦ σύμπαντος.

ΕΠΕΙΣΟΔΙΟΝ
ΑΥΣΤΡΙΑΣ ΚΑΙ ΙΤΑΛΙΑΣ
ΕΝΑ ΥΠΟΠΤΟΝ ΠΛΟΙΟΝ

Ὁ «Τύπος» τοῦ Τουρίνου ἐπληροφορήθη πρὸ τινων ἡμερῶν ἐξ Ἀγκῶνος, ὅτι τὴν 28 Ἰουλίου προσώρμισεν εἰς τὸν λιμένα μικρὸν αὐστριακὸν ἀτμόπλοιον, τὸ ὁποῖον ἐπανερχόμενον ἐκ τοῦ Ἀδριατικοῦ ἐκόμιζε πλεῖστα κιβώτια.

Ὁ πλοίαρχος τοῦ πλοίου ἀπεκάλυψεν ὅτι ἐπρόκειτο περὶ τοῦ ὑπὸ τῆς αὐστριακῆς ἀστυνομίας κατασχεθέντος φορτίου.
